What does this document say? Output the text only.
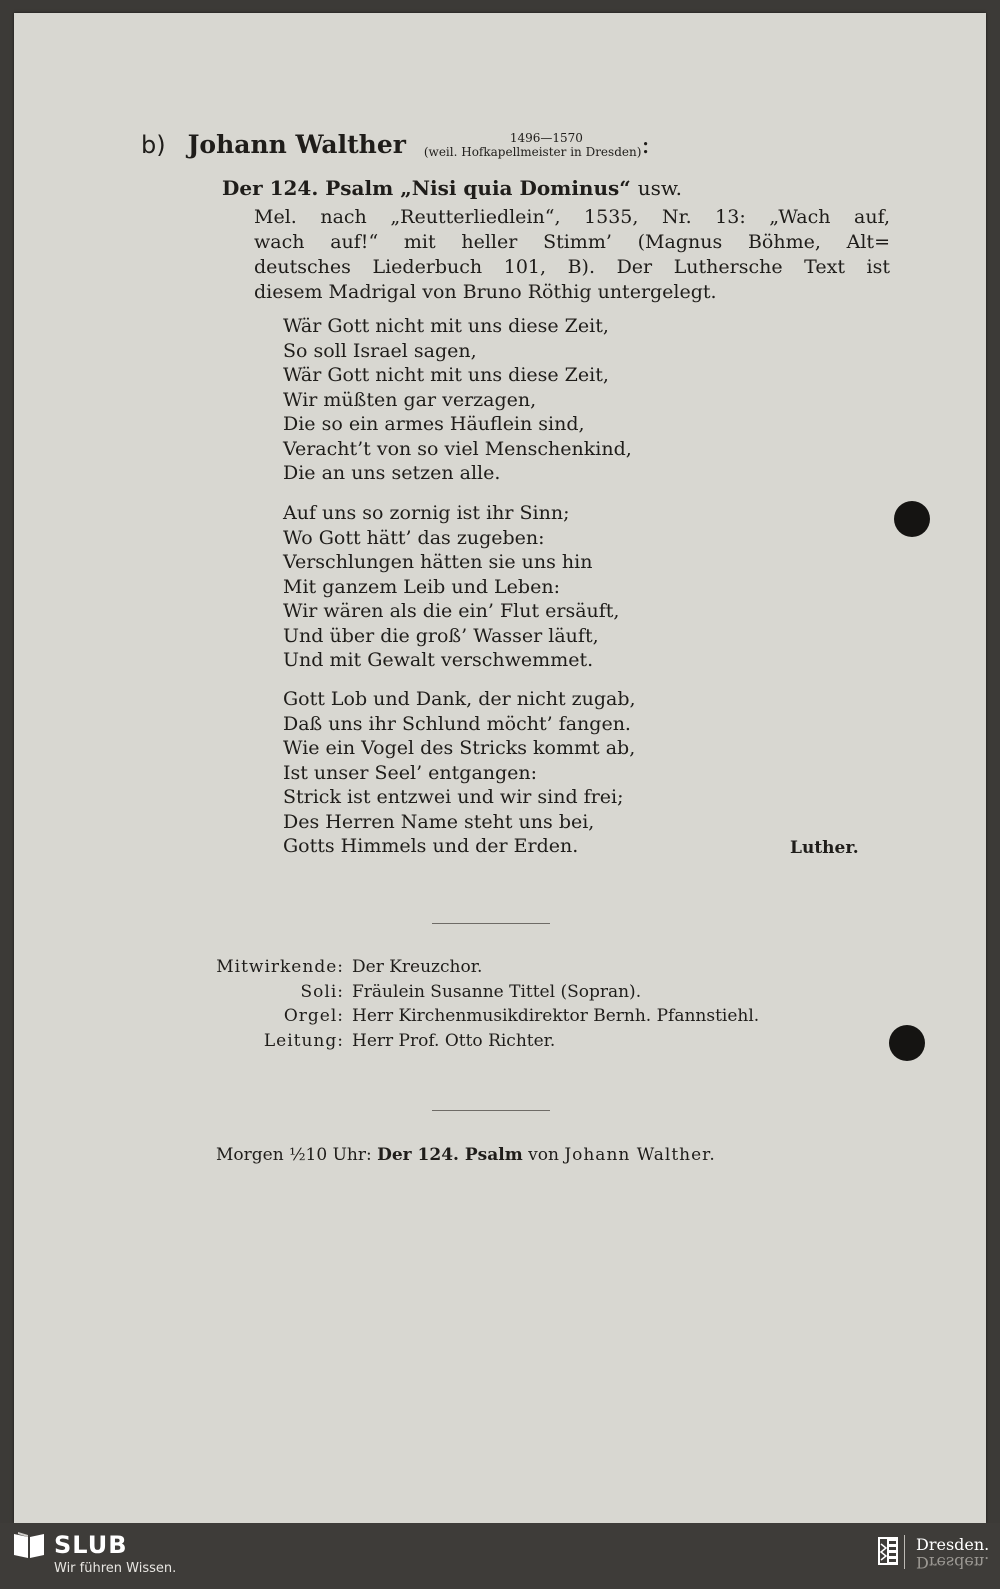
b) Johann Walther (
1496—1570
weil. Hofkapellmeister in Dresden):
Der 124. Psalm „Nisi quia Dominus“ usw.
Mel. nach „Reutterliedlein“, 1535, Nr. 13: „Wach auf,
wach auf!“ mit heller Stimm’ (Magnus Böhme, Alt=
deutsches Liederbuch 101, B). Der Luthersche Text ist
diesem Madrigal von Bruno Röthig untergelegt.
Wär Gott nicht mit uns diese Zeit,
So soll Israel sagen,
Wär Gott nicht mit uns diese Zeit,
Wir müßten gar verzagen,
Die so ein armes Häuflein sind,
Veracht’t von so viel Menschenkind,
Die an uns setzen alle.
Auf uns so zornig ist ihr Sinn;
Wo Gott hätt’ das zugeben:
Verschlungen hätten sie uns hin
Mit ganzem Leib und Leben:
Wir wären als die ein’ Flut ersäuft,
Und über die groß’ Wasser läuft,
Und mit Gewalt verschwemmet.
Gott Lob und Dank, der nicht zugab,
Daß uns ihr Schlund möcht’ fangen.
Wie ein Vogel des Stricks kommt ab,
Ist unser Seel’ entgangen:
Strick ist entzwei und wir sind frei;
Des Herren Name steht uns bei,
Gotts Himmels und der Erden.	Luther.
Mitwirkende:
Soli:
Orgel:
Leitung:
Der Kreuzchor.
Fräulein Susanne Tittel (Sopran).
Herr Kirchenmusikdirektor Bernh. Pfannstiehl.
Herr Prof. Otto Richter.
Morgen ½10 Uhr: Der 124. Psalm von Johann Walther.
SLUB
Wir führen Wissen.
Dresden.
Dresden.
